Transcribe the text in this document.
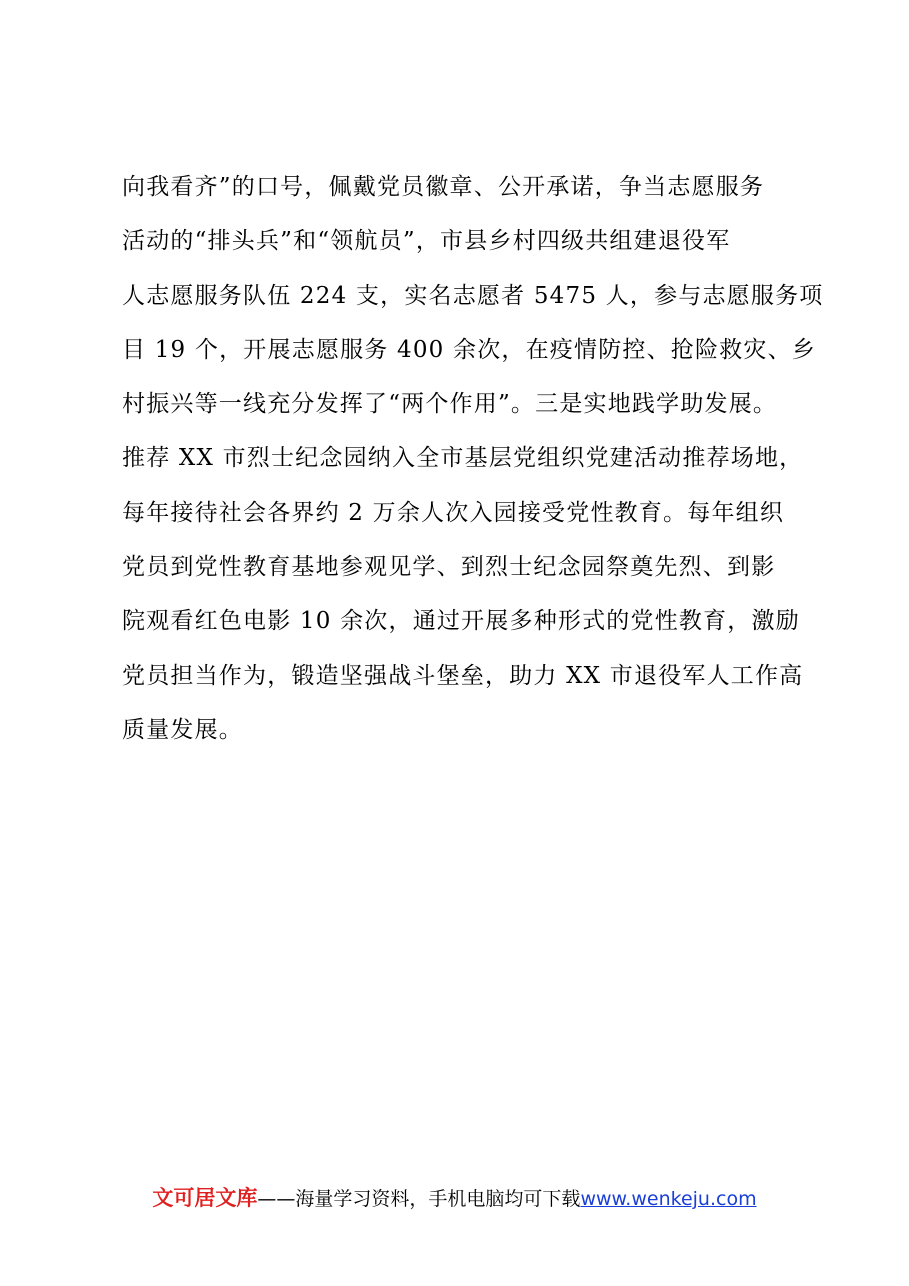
向我看齐”的口号，佩戴党员徽章、公开承诺，争当志愿服务
活动的“排头兵”和“领航员”，市县乡村四级共组建退役军
人志愿服务队伍 224 支，实名志愿者 5475 人，参与志愿服务项
目 19 个，开展志愿服务 400 余次，在疫情防控、抢险救灾、乡
村振兴等一线充分发挥了“两个作用”。三是实地践学助发展。
推荐 XX 市烈士纪念园纳入全市基层党组织党建活动推荐场地，
每年接待社会各界约 2 万余人次入园接受党性教育。每年组织
党员到党性教育基地参观见学、到烈士纪念园祭奠先烈、到影
院观看红色电影 10 余次，通过开展多种形式的党性教育，激励
党员担当作为，锻造坚强战斗堡垒，助力 XX 市退役军人工作高
质量发展。
文可居文库——海量学习资料，手机电脑均可下载www.wenkeju.com
